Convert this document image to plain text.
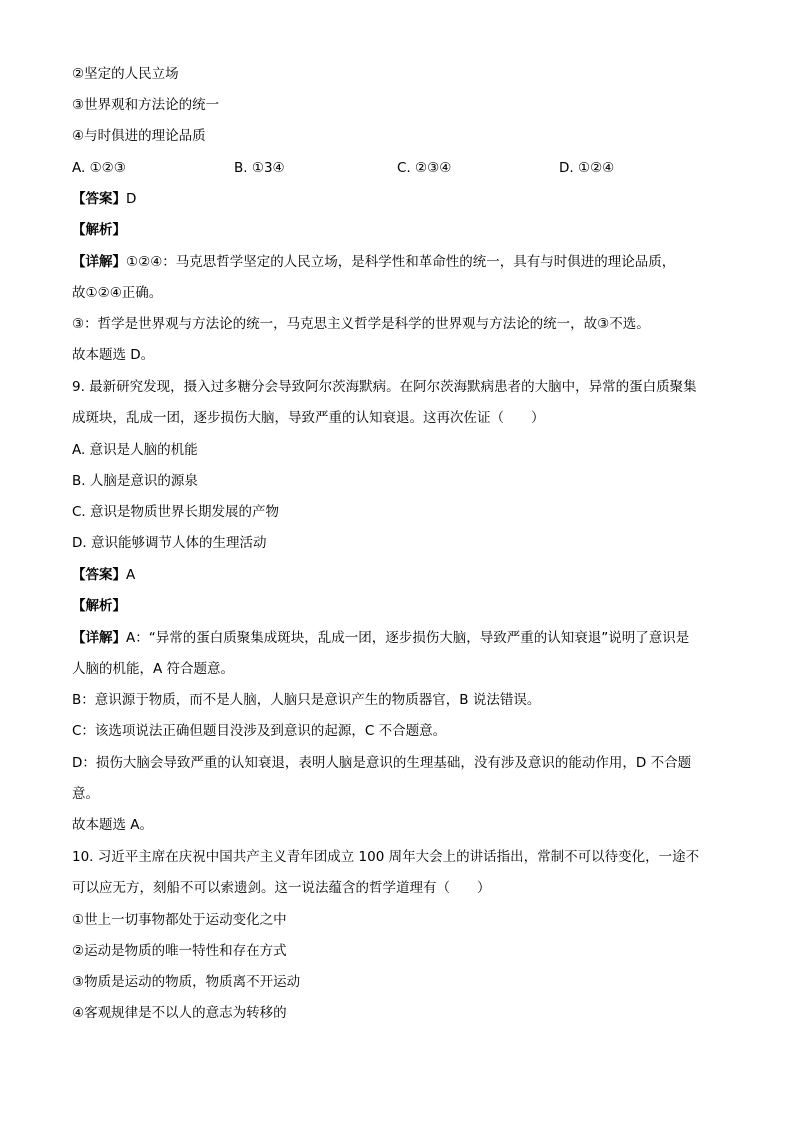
②坚定的人民立场
③世界观和方法论的统一
④与时俱进的理论品质
A. ①②③	B. ①3④	C. ②③④	D. ①②④
【答案】D
【解析】
【详解】①②④：马克思哲学坚定的人民立场，是科学性和革命性的统一，具有与时俱进的理论品质，
故①②④正确。
③：哲学是世界观与方法论的统一，马克思主义哲学是科学的世界观与方法论的统一，故③不选。
故本题选 D。
9. 最新研究发现，摄入过多糖分会导致阿尔茨海默病。在阿尔茨海默病患者的大脑中，异常的蛋白质聚集
成斑块，乱成一团，逐步损伤大脑，导致严重的认知衰退。这再次佐证（　　）
A. 意识是人脑的机能
B. 人脑是意识的源泉
C. 意识是物质世界长期发展的产物
D. 意识能够调节人体的生理活动
【答案】A
【解析】
【详解】A：“异常的蛋白质聚集成斑块，乱成一团，逐步损伤大脑，导致严重的认知衰退”说明了意识是
人脑的机能，A 符合题意。
B：意识源于物质，而不是人脑，人脑只是意识产生的物质器官，B 说法错误。
C：该选项说法正确但题目没涉及到意识的起源，C 不合题意。
D：损伤大脑会导致严重的认知衰退，表明人脑是意识的生理基础，没有涉及意识的能动作用，D 不合题
意。
故本题选 A。
10. 习近平主席在庆祝中国共产主义青年团成立 100 周年大会上的讲话指出，常制不可以待变化，一途不
可以应无方，刻船不可以索遗剑。这一说法蕴含的哲学道理有（　　）
①世上一切事物都处于运动变化之中
②运动是物质的唯一特性和存在方式
③物质是运动的物质，物质离不开运动
④客观规律是不以人的意志为转移的
